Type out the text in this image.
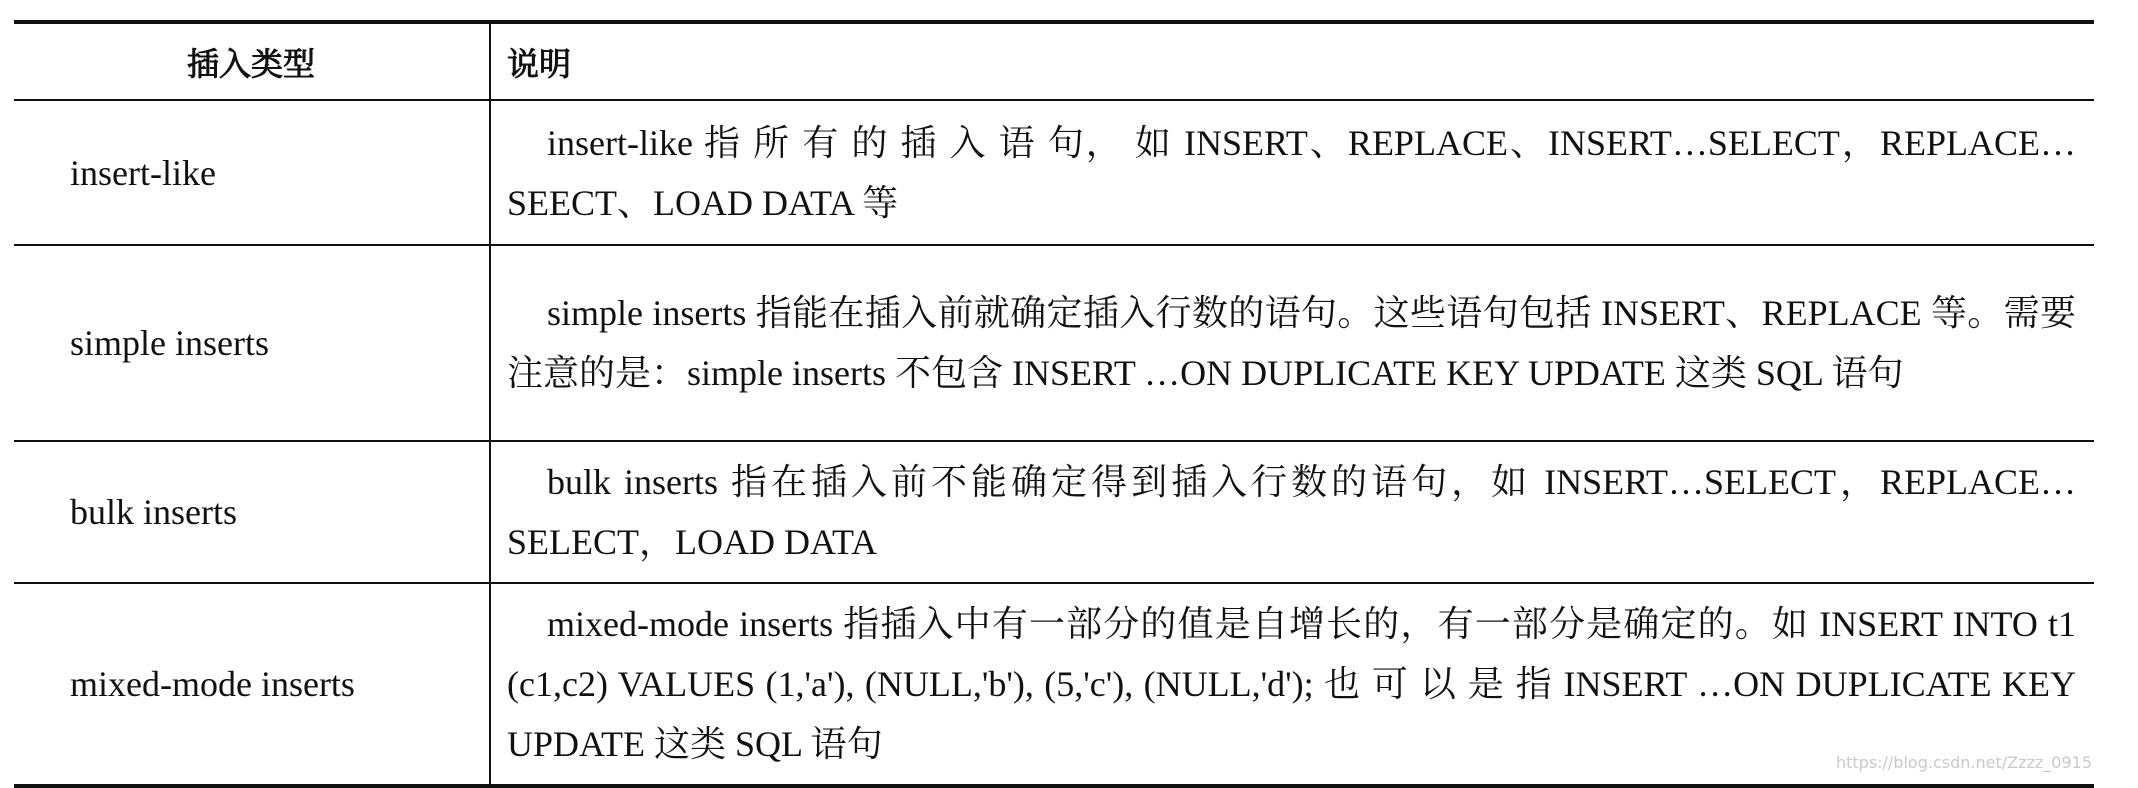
插入类型	说明
insert-like	insert-like 指 所 有 的 插 入 语 句， 如 INSERT、REPLACE、INSERT…SELECT，REPLACE…SEECT、LOAD DATA 等
simple inserts	simple inserts 指能在插入前就确定插入行数的语句。这些语句包括 INSERT、REPLACE 等。需要注意的是：simple inserts 不包含 INSERT …ON DUPLICATE KEY UPDATE 这类 SQL 语句
bulk inserts	bulk inserts 指在插入前不能确定得到插入行数的语句，如 INSERT…SELECT，REPLACE…SELECT，LOAD DATA
mixed-mode inserts	mixed-mode inserts 指插入中有一部分的值是自增长的，有一部分是确定的。如 INSERT INTO t1 (c1,c2) VALUES (1,'a'), (NULL,'b'), (5,'c'), (NULL,'d'); 也 可 以 是 指 INSERT …ON DUPLICATE KEY UPDATE 这类 SQL 语句	https://blog.csdn.net/Zzzz_0915
